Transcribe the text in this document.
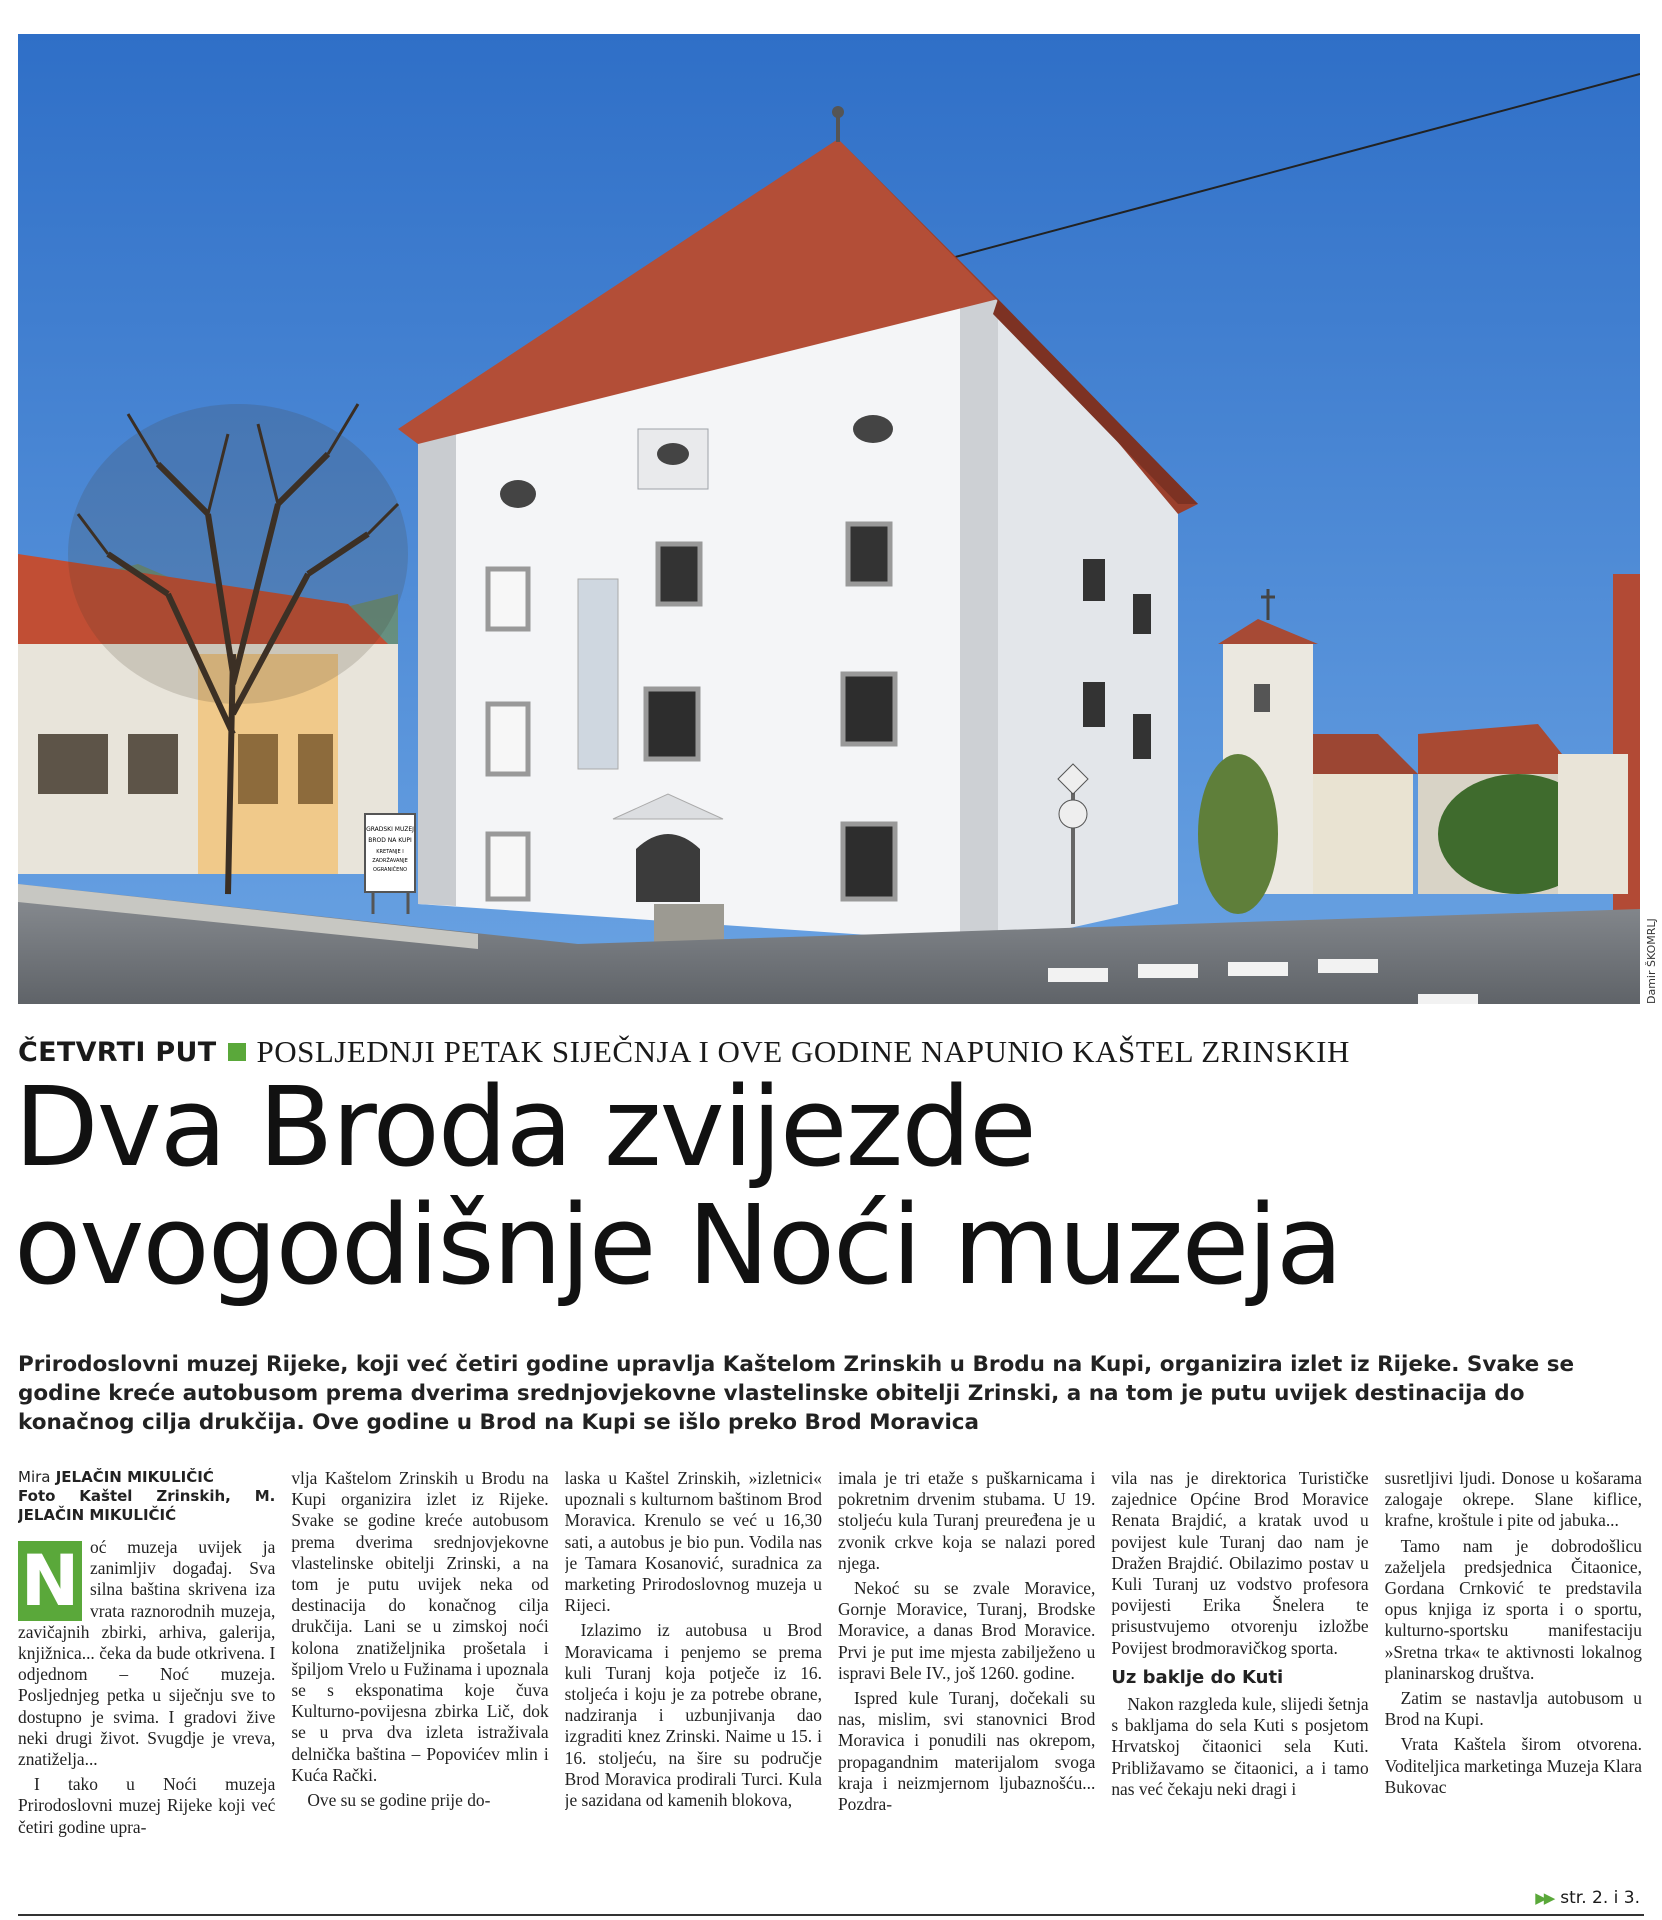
GRADSKI MUZEJ
BROD NA KUPI
KRETANJE I
ZADRŽAVANJE
OGRANIČENO
Damir ŠKOMRLJ
ČETVRTI PUT POSLJEDNJI PETAK SIJEČNJA I OVE GODINE NAPUNIO KAŠTEL ZRINSKIH
Dva Broda zvijezde
ovogodišnje Noći muzeja

Prirodoslovni muzej Rijeke, koji već četiri godine upravlja Kaštelom Zrinskih u Brodu na Kupi, organizira izlet iz Rijeke. Svake se godine kreće autobusom prema dverima srednjovjekovne vlastelinske obitelji Zrinski, a na tom je putu uvijek destinacija do konačnog cilja drukčija. Ove godine u Brod na Kupi se išlo preko Brod Moravica

Mira JELAČIN MIKULIČIĆ
Foto Kaštel Zrinskih, M. JELAČIN MIKULIČIĆ

N oć muzeja uvijek ja zanimljiv događaj. Sva silna baština skrivena iza vrata raznorodnih muzeja, zavičajnih zbirki, arhiva, galerija, knjižnica... čeka da bude otkrivena. I odjednom – Noć muzeja. Posljednjeg petka u siječnju sve to dostupno je svima. I gradovi žive neki drugi život. Svugdje je vreva, znatiželja...

I tako u Noći muzeja Prirodoslovni muzej Rijeke koji već četiri godine upra-

vlja Kaštelom Zrinskih u Brodu na Kupi organizira izlet iz Rijeke. Svake se godine kreće autobusom prema dverima srednjovjekovne vlastelinske obitelji Zrinski, a na tom je putu uvijek neka od destinacija do konačnog cilja drukčija. Lani se u zimskoj noći kolona znatiželjnika prošetala i špiljom Vrelo u Fužinama i upoznala se s eksponatima koje čuva Kulturno-povijesna zbirka Lič, dok se u prva dva izleta istraživala delnička baština – Popovićev mlin i Kuća Rački.

Ove su se godine prije do-

laska u Kaštel Zrinskih, »izletnici« upoznali s kulturnom baštinom Brod Moravica. Krenulo se već u 16,30 sati, a autobus je bio pun. Vodila nas je Tamara Kosanović, suradnica za marketing Prirodoslovnog muzeja u Rijeci.

Izlazimo iz autobusa u Brod Moravicama i penjemo se prema kuli Turanj koja potječe iz 16. stoljeća i koju je za potrebe obrane, nadziranja i uzbunjivanja dao izgraditi knez Zrinski. Naime u 15. i 16. stoljeću, na šire su područje Brod Moravica prodirali Turci. Kula je sazidana od kamenih blokova,

imala je tri etaže s puškarnicama i pokretnim drvenim stubama. U 19. stoljeću kula Turanj preuređena je u zvonik crkve koja se nalazi pored njega.

Nekoć su se zvale Moravice, Gornje Moravice, Turanj, Brodske Moravice, a danas Brod Moravice. Prvi je put ime mjesta zabilježeno u ispravi Bele IV., još 1260. godine.

Ispred kule Turanj, dočekali su nas, mislim, svi stanovnici Brod Moravica i ponudili nas okrepom, propagandnim materijalom svoga kraja i neizmjernom ljubaznošću... Pozdra-

vila nas je direktorica Turističke zajednice Općine Brod Moravice Renata Brajdić, a kratak uvod u povijest kule Turanj dao nam je Dražen Brajdić. Obilazimo postav u Kuli Turanj uz vodstvo profesora povijesti Erika Šnelera te prisustvujemo otvorenju izložbe Povijest brodmoravičkog sporta.

Uz baklje do Kuti

Nakon razgleda kule, slijedi šetnja s bakljama do sela Kuti s posjetom Hrvatskoj čitaonici sela Kuti. Približavamo se čitaonici, a i tamo nas već čekaju neki dragi i

susretljivi ljudi. Donose u košarama zalogaje okrepe. Slane kiflice, krafne, kroštule i pite od jabuka...

Tamo nam je dobrodošlicu zaželjela predsjednica Čitaonice, Gordana Crnković te predstavila opus knjiga iz sporta i o sportu, kulturno-sportsku manifestaciju »Sretna trka« te aktivnosti lokalnog planinarskog društva.

Zatim se nastavlja autobusom u Brod na Kupi.

Vrata Kaštela širom otvorena. Voditeljica marketinga Muzeja Klara Bukovac

▶▶ str. 2. i 3.
